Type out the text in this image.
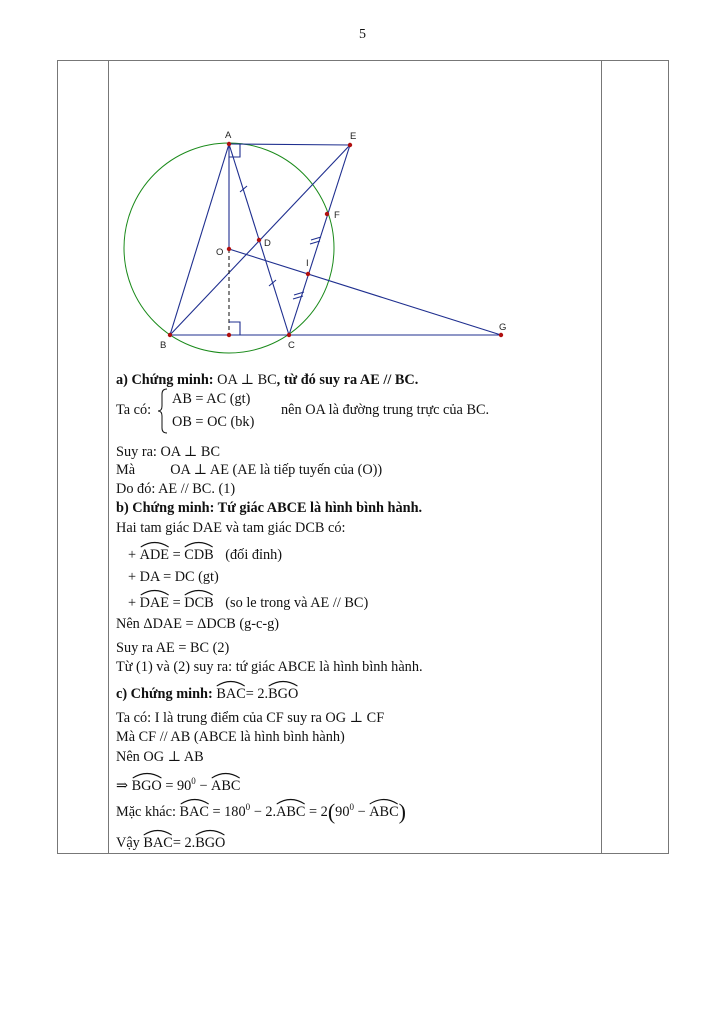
5
A	E
F
D
O
I
B	C
G
a) Chứng minh: OA ⊥ BC, từ đó suy ra AE // BC.
Ta có:
AB = AC (gt)
OB = OC (bk)
nên OA là đường trung trực của BC.
Suy ra: OA ⊥ BC
Mà OA ⊥ AE (AE là tiếp tuyến của (O))
Do đó: AE // BC. (1)
b) Chứng minh: Tứ giác ABCE là hình bình hành.
Hai tam giác DAE và tam giác DCB có:
+ ADE = CDB (đối đỉnh)
+ DA = DC (gt)
+ DAE = DCB (so le trong và AE // BC)
Nên ΔDAE = ΔDCB (g-c-g)
Suy ra AE = BC (2)
Từ (1) và (2) suy ra: tứ giác ABCE là hình bình hành.
c) Chứng minh: BAC= 2.
BGO
Ta có: I là trung điểm của CF suy ra OG ⊥ CF
Mà CF // AB (ABCE là hình bình hành)
Nên OG ⊥ AB
⇒ BGO = $90^0$ − ABC
Mặc khác: BAC = $180^0 - 2$.
ABC = $2(90^0 - ABC)$
Vậy BAC= 2.
BGO
